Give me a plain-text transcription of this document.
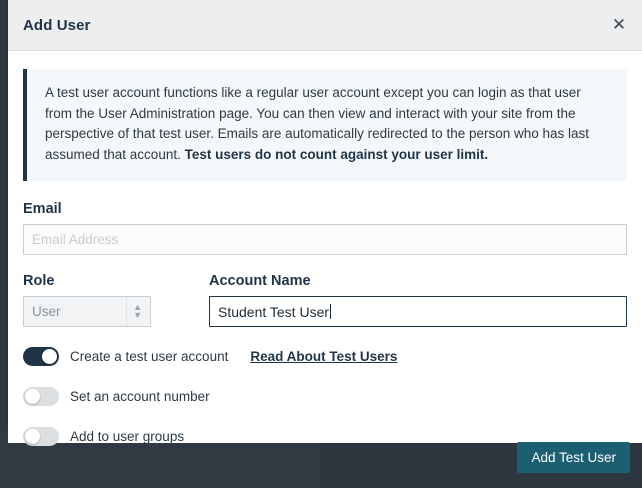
Add User	✕
A test user account functions like a regular user account except you can login as that user from the User Administration page. You can then view and interact with your site from the perspective of that test user. Emails are automatically redirected to the person who has last assumed that account. Test users do not count against your user limit.
Email
Email Address
Role
User
▲
▼
Account Name
Student Test User
Create a test user account Read About Test Users
Set an account number
Add to user groups
Add Test User
